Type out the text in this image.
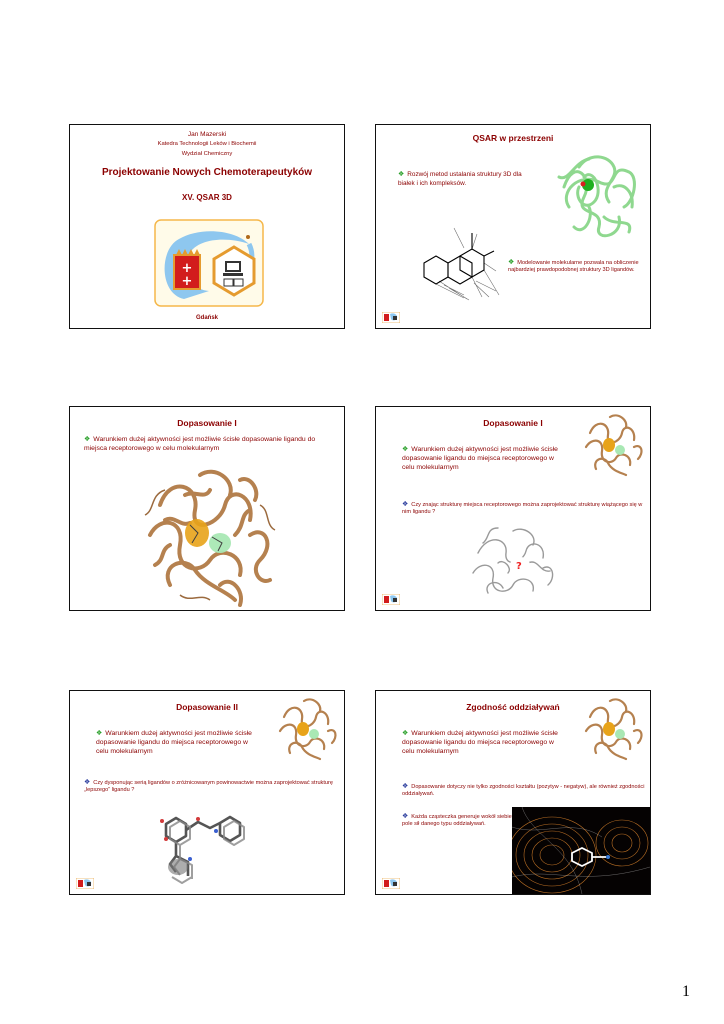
Jan Mazerski
Katedra Technologii Leków i Biochemii
Wydział Chemiczny
Projektowanie Nowych Chemoterapeutyków
XV. QSAR 3D
+
+
Gdańsk
QSAR w przestrzeni
❖ Rozwój metod ustalania struktury 3D dla białek i ich kompleksów.
❖ Modelowanie molekularne pozwala na obliczenie najbardziej prawdopodobnej struktury 3D ligandów.
Dopasowanie I
❖ Warunkiem dużej aktywności jest możliwie ścisłe dopasowanie ligandu do miejsca receptorowego w celu molekularnym
Dopasowanie I
❖ Warunkiem dużej aktywności jest możliwie ścisłe dopasowanie ligandu do miejsca receptorowego w celu molekularnym
❖ Czy znając strukturę miejsca receptorowego można zaprojektować strukturę wiążącego się w nim ligandu ?
?
Dopasowanie II
❖ Warunkiem dużej aktywności jest możliwie ścisłe dopasowanie ligandu do miejsca receptorowego w celu molekularnym
❖ Czy dysponując serią ligandów o zróżnicowanym powinowactwie można zaprojektować strukturę „lepszego” ligandu ?
Zgodność oddziaływań
❖ Warunkiem dużej aktywności jest możliwie ścisłe dopasowanie ligandu do miejsca receptorowego w celu molekularnym
❖ Dopasowanie dotyczy nie tylko zgodności kształtu (pozytyw - negatyw), ale również zgodności oddziaływań.
❖ Każda cząsteczka generuje wokół siebie pole sił danego typu oddziaływań.
1
